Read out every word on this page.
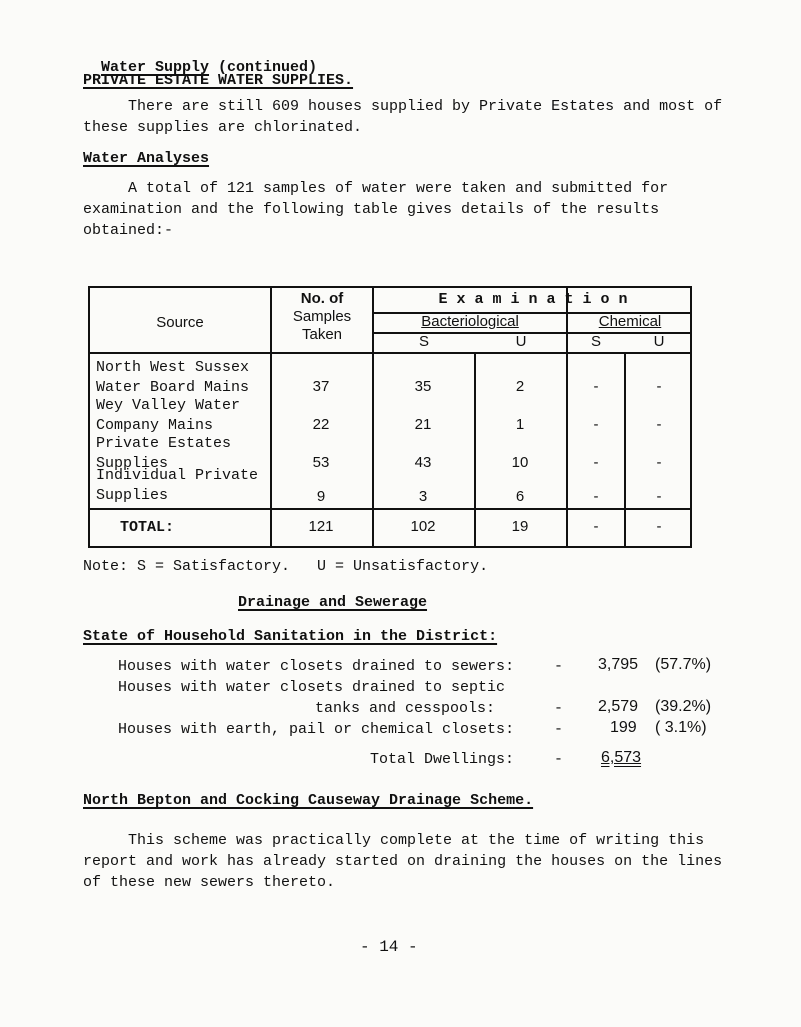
Water Supply (continued)

PRIVATE ESTATE WATER SUPPLIES.
There are still 609 houses supplied by Private Estates and most of
these supplies are chlorinated.
Water Analyses
A total of 121 samples of water were taken and submitted for
examination and the following table gives details of the results
obtained:-
Source
No. of
Samples
Taken
E x a m i n a t i o n
Bacteriological	Chemical
S	U	S	U
North West Sussex
Water Board Mains	37	35	2	-	-
Wey Valley Water
Company Mains	22	21	1	-	-
Private Estates
Supplies	53	43	10	-	-
Individual Private
Supplies	9	3	6	-	-
TOTAL:	121	102	19	-	-
Note: S = Satisfactory.   U = Unsatisfactory.
Drainage and Sewerage
State of Household Sanitation in the District:
Houses with water closets drained to sewers:	- 3,795 (57.7%)
Houses with water closets drained to septic
tanks and cesspools:	- 2,579 (39.2%)
Houses with earth, pail or chemical closets:	-	199 ( 3.1%)
Total Dwellings:	- 6,573
North Bepton and Cocking Causeway Drainage Scheme.
This scheme was practically complete at the time of writing this
report and work has already started on draining the houses on the lines
of these new sewers thereto.
- 14 -
